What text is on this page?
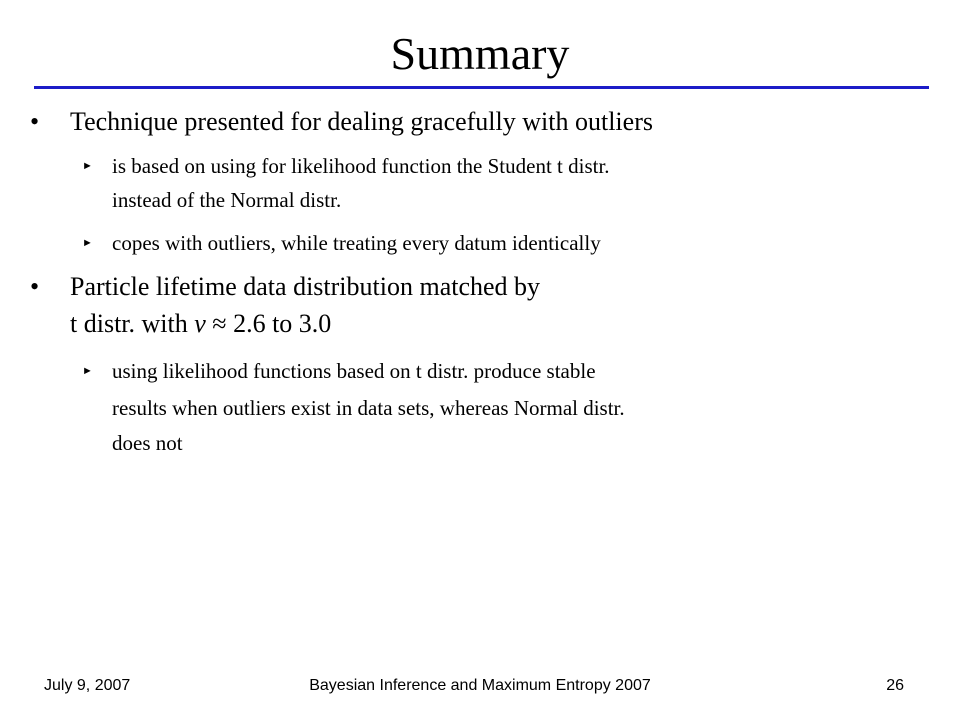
Summary
• Technique presented for dealing gracefully with outliers
► is based on using for likelihood function the Student t distr.
instead of the Normal distr.
► copes with outliers, while treating every datum identically
• Particle lifetime data distribution matched by
t distr. with ν ≈ 2.6 to 3.0
► using likelihood functions based on t distr. produce stable
results when outliers exist in data sets, whereas Normal distr.
does not
July 9, 2007	Bayesian Inference and Maximum Entropy 2007	26
